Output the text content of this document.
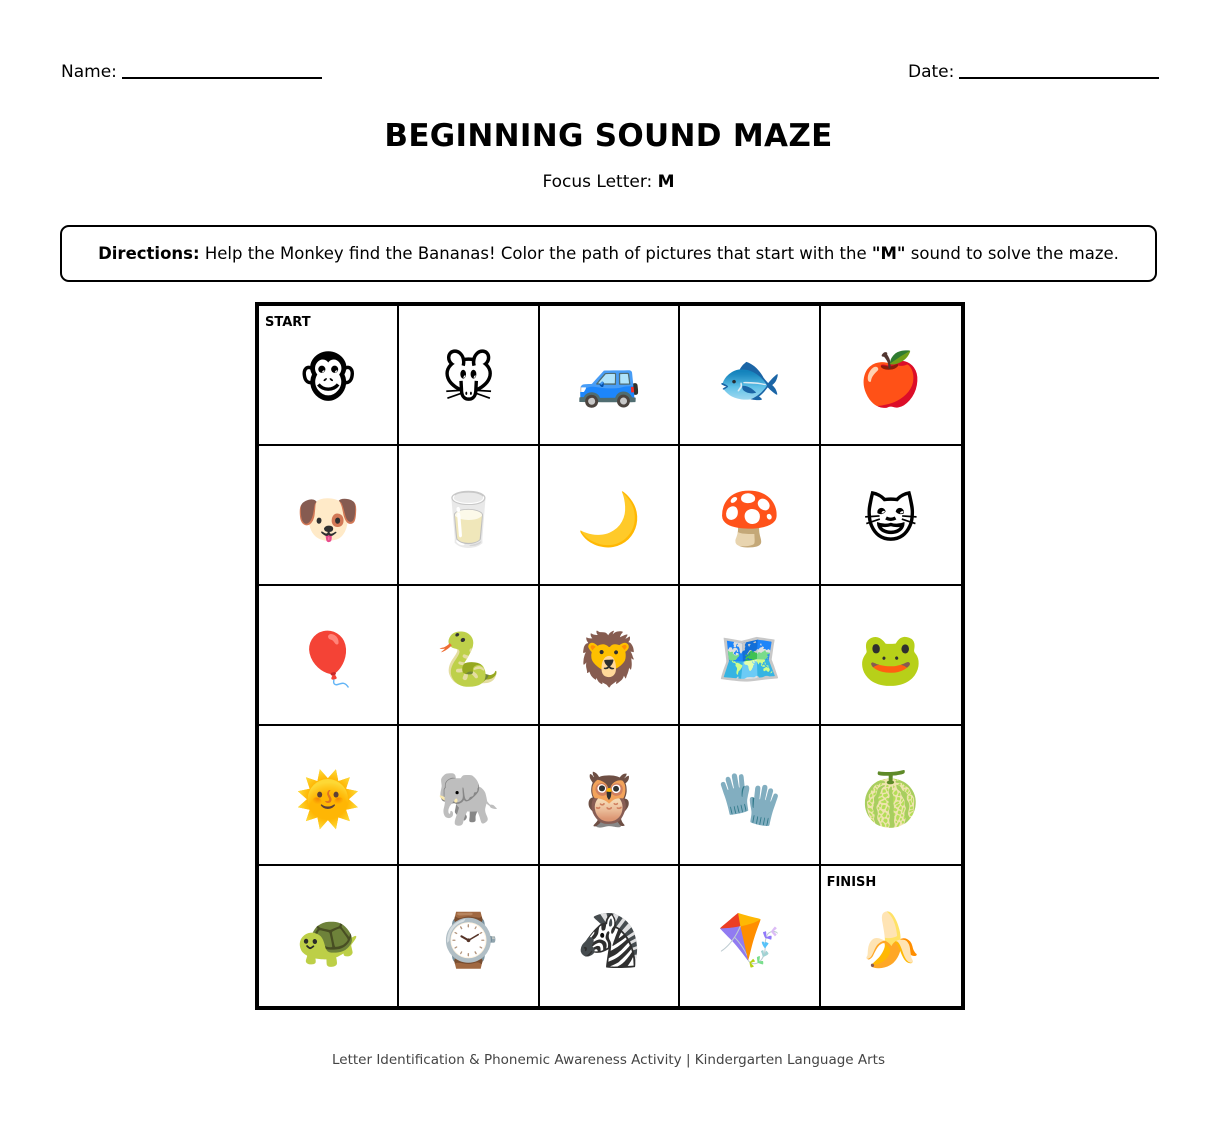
Name:	Date:
BEGINNING SOUND MAZE
Focus Letter: M
Directions: Help the Monkey find the Bananas! Color the path of pictures that start with the "M" sound to solve the maze.
START
🐵 🐭 🚙 🐟 🍎
🐶 🥛 🌙 🍄 😺
🎈 🐍 🦁 🗺️ 🐸
🌞 🐘 🦉 🧤 🍈
🐢 ⌚ 🦓 🪁
FINISH
🍌
Letter Identification & Phonemic Awareness Activity | Kindergarten Language Arts
